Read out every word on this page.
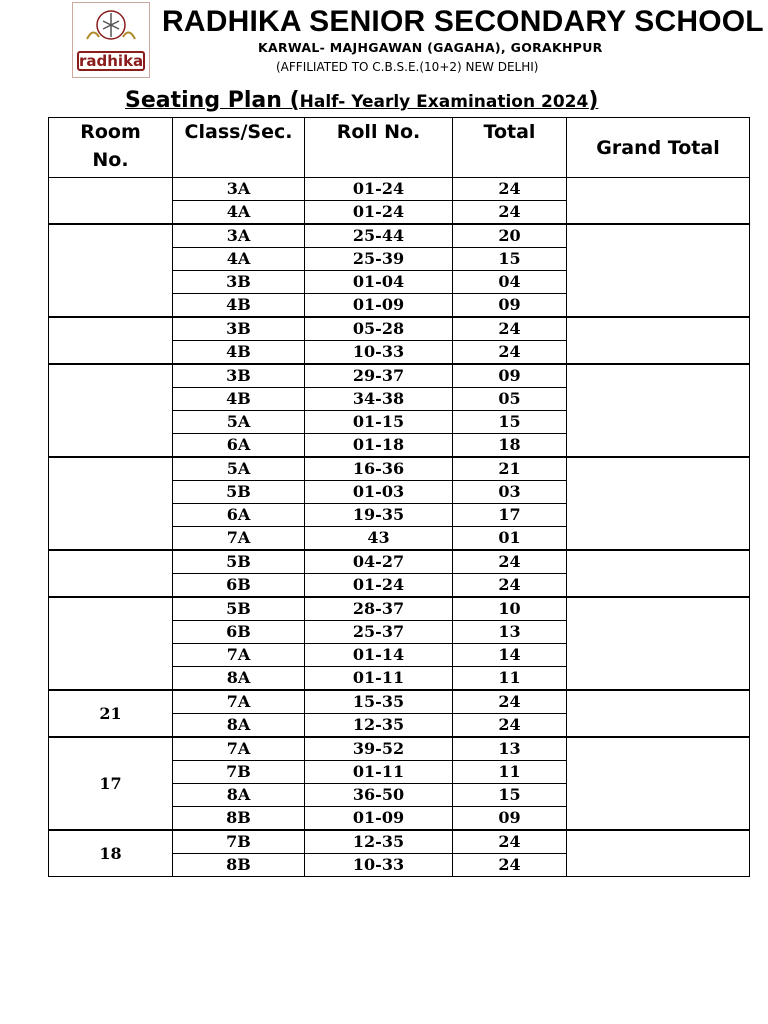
radhika
RADHIKA SENIOR SECONDARY SCHOOL
KARWAL- MAJHGAWAN (GAGAHA), GORAKHPUR
(AFFILIATED TO C.B.S.E.(10+2) NEW DELHI)
Seating Plan (Half- Yearly Examination 2024)
Room No.	Class/Sec.	Roll No.	Total	Grand Total
	3A	01-24	24	
	4A	01-24	24	
	3A	25-44	20	
	4A	25-39	15	
	3B	01-04	04	
	4B	01-09	09	
	3B	05-28	24	
	4B	10-33	24	
	3B	29-37	09	
	4B	34-38	05	
	5A	01-15	15	
	6A	01-18	18	
	5A	16-36	21	
	5B	01-03	03	
	6A	19-35	17	
	7A	43	01	
	5B	04-27	24	
	6B	01-24	24	
	5B	28-37	10	
	6B	25-37	13	
	7A	01-14	14	
	8A	01-11	11	
21	7A	15-35	24	
	8A	12-35	24	
17	7A	39-52	13	
	7B	01-11	11	
	8A	36-50	15	
	8B	01-09	09	
18	7B	12-35	24	
	8B	10-33	24	
